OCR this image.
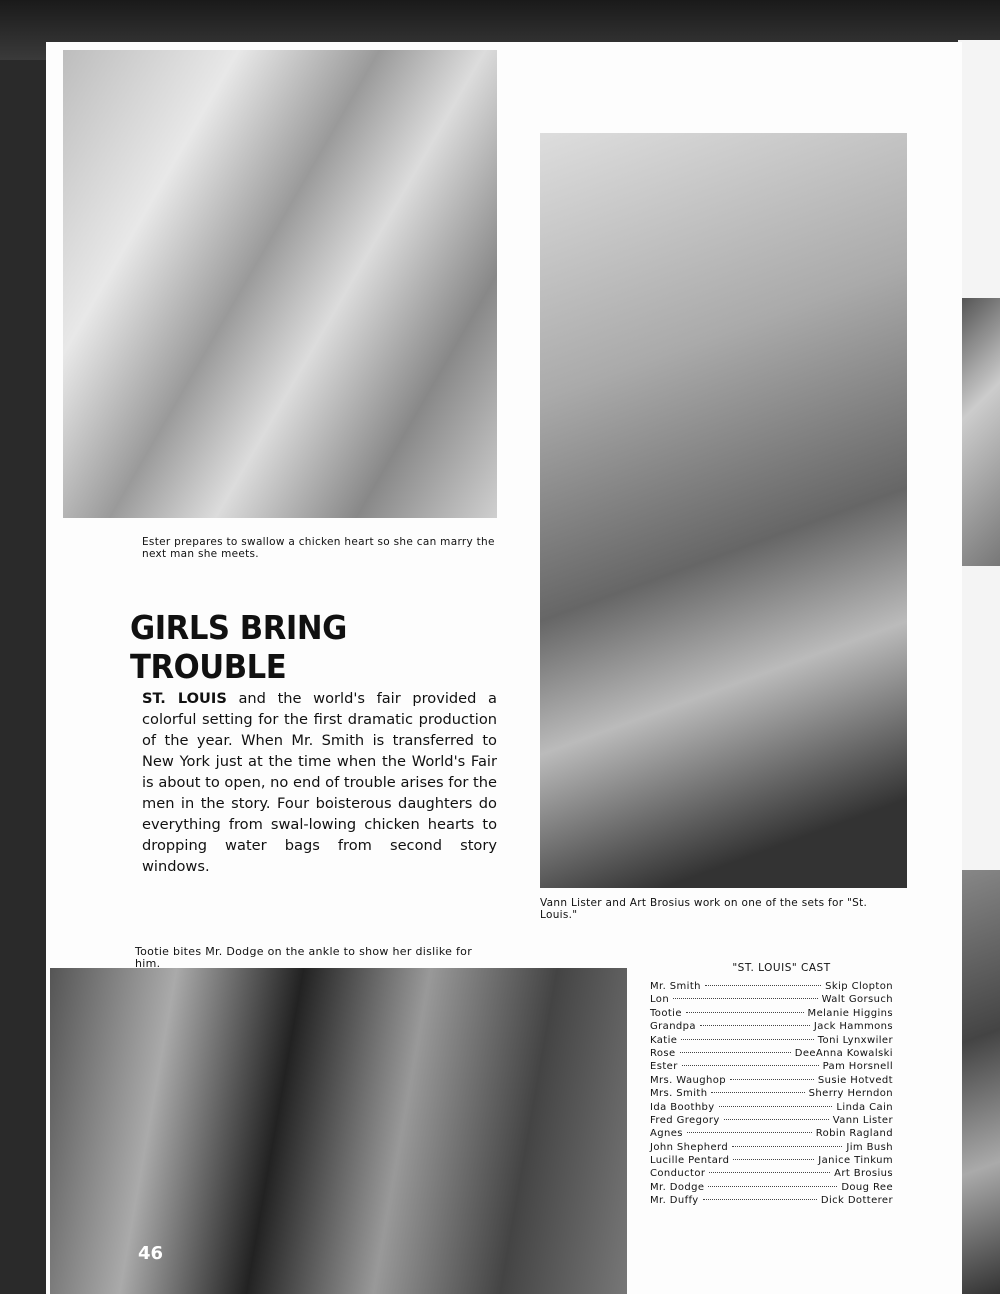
46
Ester prepares to swallow a chicken heart so she can marry the next man she meets.
Vann Lister and Art Brosius work on one of the sets for "St. Louis."
Tootie bites Mr. Dodge on the ankle to show her dislike for him.
GIRLS BRING TROUBLE
ST. LOUIS and the world's fair provided a colorful setting for the first dramatic production of the year. When Mr. Smith is transferred to New York just at the time when the World's Fair is about to open, no end of trouble arises for the men in the story. Four boisterous daughters do everything from swal-lowing chicken hearts to dropping water bags from second story windows.
"ST. LOUIS" CAST
Mr. Smith	Skip Clopton
Lon	Walt Gorsuch
Tootie	Melanie Higgins
Grandpa	Jack Hammons
Katie	Toni Lynxwiler
Rose	DeeAnna Kowalski
Ester	Pam Horsnell
Mrs. Waughop	Susie Hotvedt
Mrs. Smith	Sherry Herndon
Ida Boothby	Linda Cain
Fred Gregory	Vann Lister
Agnes	Robin Ragland
John Shepherd	Jim Bush
Lucille Pentard	Janice Tinkum
Conductor	Art Brosius
Mr. Dodge	Doug Ree
Mr. Duffy	Dick Dotterer
